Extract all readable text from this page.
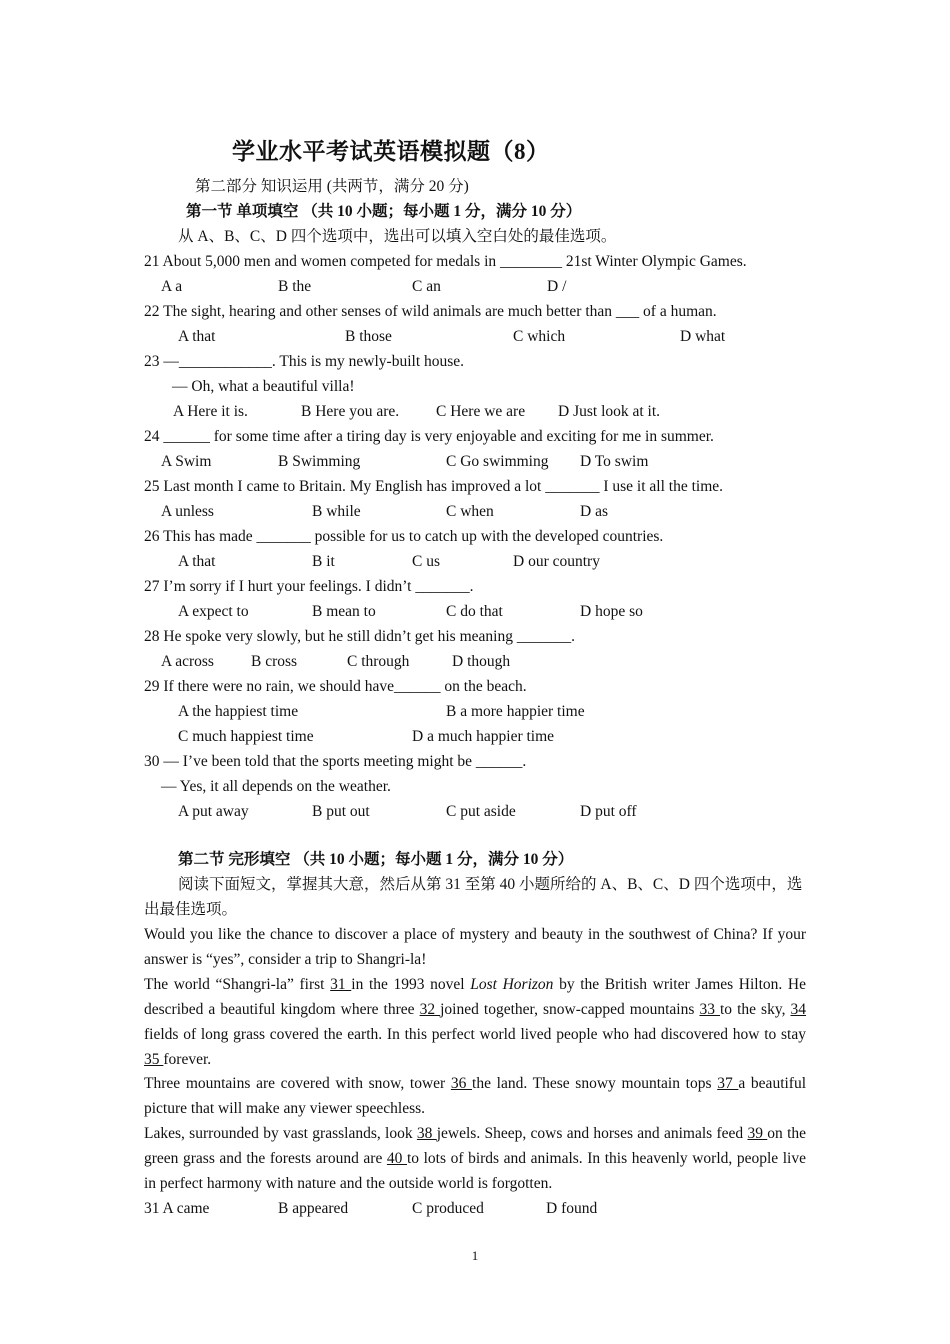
学业水平考试英语模拟题（8）
第二部分 知识运用 (共两节，满分 20 分)
第一节 单项填空 （共 10 小题；每小题 1 分，满分 10 分）
从 A、B、C、D 四个选项中，选出可以填入空白处的最佳选项。
21 About 5,000 men and women competed for medals in ________ 21st Winter Olympic Games.
A a	B the	C an	D /
22 The sight, hearing and other senses of wild animals are much better than ___ of a human.
A that	B those	C which	D what
23 —____________. This is my newly-built house.
— Oh, what a beautiful villa!
A Here it is.	B Here you are. C Here we are D Just look at it.
24 ______ for some time after a tiring day is very enjoyable and exciting for me in summer.
A Swim	B Swimming	C Go swimming D To swim
25 Last month I came to Britain. My English has improved a lot _______ I use it all the time.
A unless	B while	C when	D as
26 This has made _______ possible for us to catch up with the developed countries.
A that	B it	C us	D our country
27 I’m sorry if I hurt your feelings. I didn’t _______.
A expect to	B mean to	C do that	D hope so
28 He spoke very slowly, but he still didn’t get his meaning _______.
A across B cross	C through	D though
29 If there were no rain, we should have______ on the beach.
A the happiest time	B a more happier time
C much happiest time	D a much happier time
30 — I’ve been told that the sports meeting might be ______.
— Yes, it all depends on the weather.
A put away	B put out	C put aside	D put off
第二节 完形填空 （共 10 小题；每小题 1 分，满分 10 分）
阅读下面短文，掌握其大意，然后从第 31 至第 40 小题所给的 A、B、C、D 四个选项中，选
出最佳选项。
Would you like the chance to discover a place of mystery and beauty in the southwest of China? If your answer is “yes”, consider a trip to Shangri-la!
The world “Shangri-la” first 31 in the 1993 novel Lost Horizon by the British writer James Hilton. He described a beautiful kingdom where three 32 joined together, snow-capped mountains 33 to the sky, 34 fields of long grass covered the earth. In this perfect world lived people who had discovered how to stay 35 forever.
Three mountains are covered with snow, tower 36 the land. These snowy mountain tops 37 a beautiful picture that will make any viewer speechless.
Lakes, surrounded by vast grasslands, look 38 jewels. Sheep, cows and horses and animals feed 39 on the green grass and the forests around are 40 to lots of birds and animals. In this heavenly world, people live in perfect harmony with nature and the outside world is forgotten.
31 A came	B appeared	C produced	D found
1
